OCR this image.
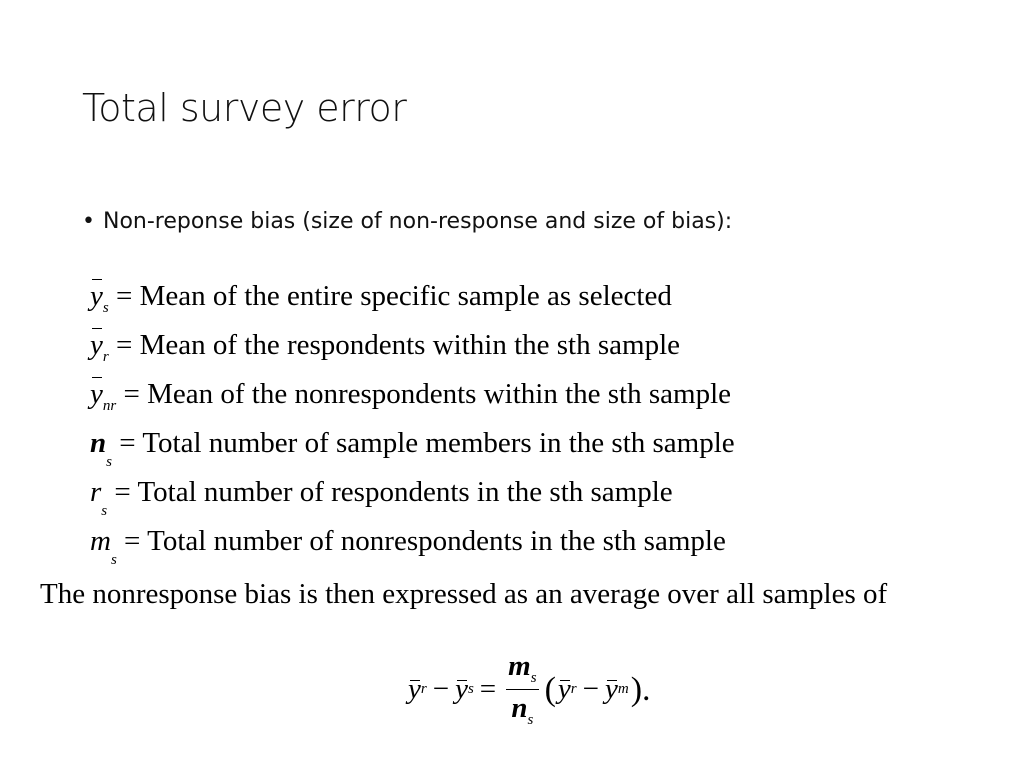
Total survey error
• Non-reponse bias (size of non-response and size of bias):
$y_s$ = Mean of the entire specific sample as selected
$y_r$ = Mean of the respondents within the sth sample
$y_{nr}$ = Mean of the nonrespondents within the sth sample
$n_s$ = Total number of sample members in the sth sample
$r_s$ = Total number of respondents in the sth sample
$m_s$ = Total number of nonrespondents in the sth sample
The nonresponse bias is then expressed as an average over all samples of
y r − y $s = \frac{m_s}{n_s}$ ( y r − y m ).
